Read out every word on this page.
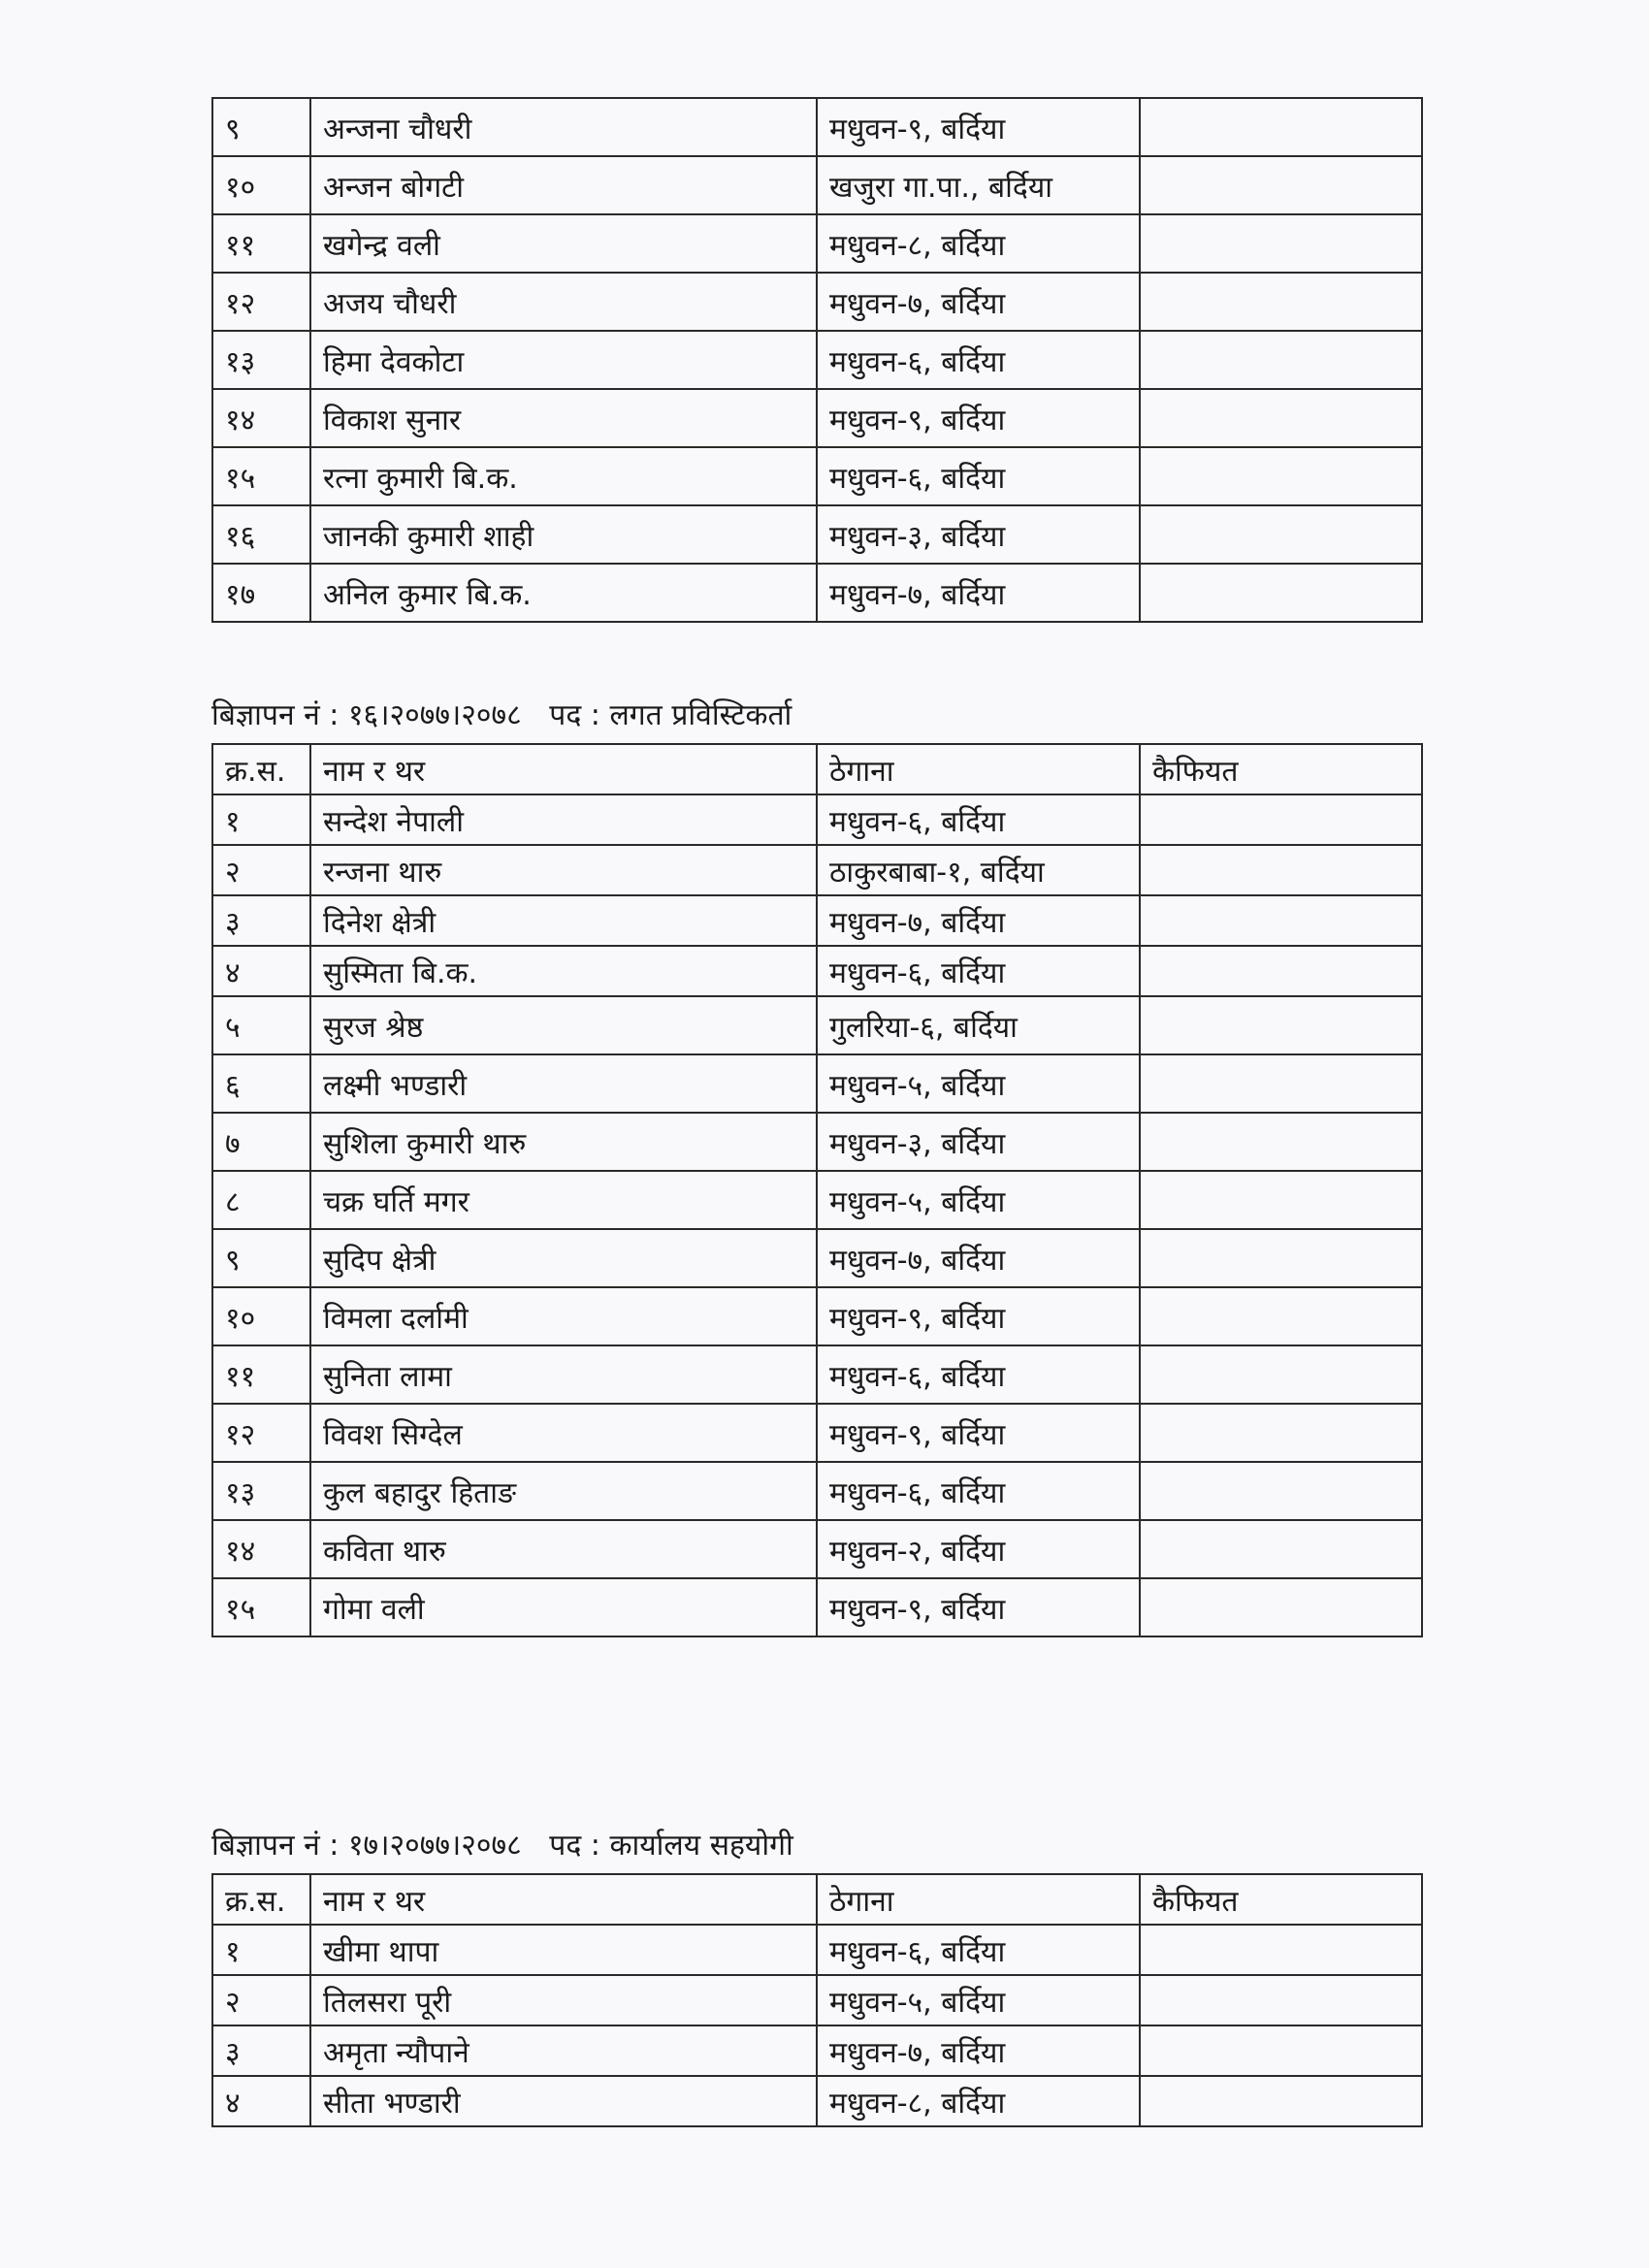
९	अन्जना चौधरी	मधुवन-९, बर्दिया	
१०	अन्जन बोगटी	खजुरा गा.पा., बर्दिया	
११	खगेन्द्र वली	मधुवन-८, बर्दिया	
१२	अजय चौधरी	मधुवन-७, बर्दिया	
१३	हिमा देवकोटा	मधुवन-६, बर्दिया	
१४	विकाश सुनार	मधुवन-९, बर्दिया	
१५	रत्ना कुमारी बि.क.	मधुवन-६, बर्दिया	
१६	जानकी कुमारी शाही	मधुवन-३, बर्दिया	
१७	अनिल कुमार बि.क.	मधुवन-७, बर्दिया	
बिज्ञापन नं : १६।२०७७।२०७८   पद : लगत प्रविस्टिकर्ता
क्र.स.	नाम र थर	ठेगाना	कैफियत
१	सन्देश नेपाली	मधुवन-६, बर्दिया	
२	रन्जना थारु	ठाकुरबाबा-१, बर्दिया	
३	दिनेश क्षेत्री	मधुवन-७, बर्दिया	
४	सुस्मिता बि.क.	मधुवन-६, बर्दिया	
५	सुरज श्रेष्ठ	गुलरिया-६, बर्दिया	
६	लक्ष्मी भण्डारी	मधुवन-५, बर्दिया	
७	सुशिला कुमारी थारु	मधुवन-३, बर्दिया	
८	चक्र घर्ति मगर	मधुवन-५, बर्दिया	
९	सुदिप क्षेत्री	मधुवन-७, बर्दिया	
१०	विमला दर्लामी	मधुवन-९, बर्दिया	
११	सुनिता लामा	मधुवन-६, बर्दिया	
१२	विवश सिग्देल	मधुवन-९, बर्दिया	
१३	कुल बहादुर हिताङ	मधुवन-६, बर्दिया	
१४	कविता थारु	मधुवन-२, बर्दिया	
१५	गोमा वली	मधुवन-९, बर्दिया	
बिज्ञापन नं : १७।२०७७।२०७८   पद : कार्यालय सहयोगी
क्र.स.	नाम र थर	ठेगाना	कैफियत
१	खीमा थापा	मधुवन-६, बर्दिया	
२	तिलसरा पूरी	मधुवन-५, बर्दिया	
३	अमृता न्यौपाने	मधुवन-७, बर्दिया	
४	सीता भण्डारी	मधुवन-८, बर्दिया	
